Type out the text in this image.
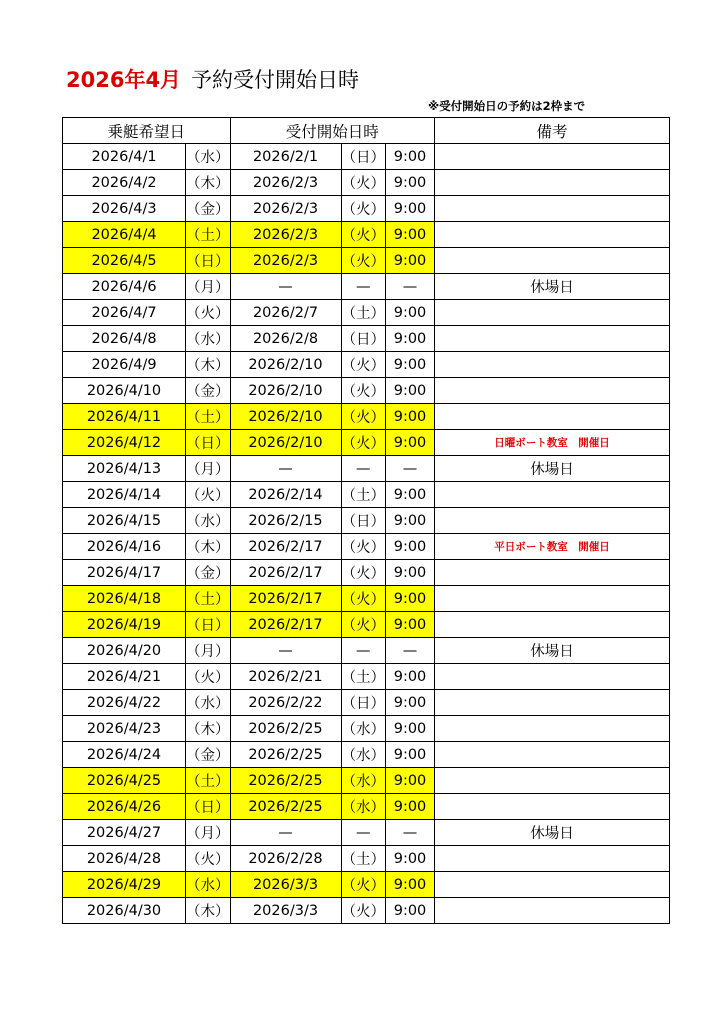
2026年4月 予約受付開始日時
※受付開始日の予約は2枠まで
乗艇希望日		受付開始日時			備考
2026/4/1	（水）	2026/2/1	（日）	9:00	
2026/4/2	（木）	2026/2/3	（火）	9:00	
2026/4/3	（金）	2026/2/3	（火）	9:00	
2026/4/4	（土）	2026/2/3	（火）	9:00	
2026/4/5	（日）	2026/2/3	（火）	9:00	
2026/4/6	（月）	—	—	—	休場日
2026/4/7	（火）	2026/2/7	（土）	9:00	
2026/4/8	（水）	2026/2/8	（日）	9:00	
2026/4/9	（木）	2026/2/10	（火）	9:00	
2026/4/10	（金）	2026/2/10	（火）	9:00	
2026/4/11	（土）	2026/2/10	（火）	9:00	
2026/4/12	（日）	2026/2/10	（火）	9:00	日曜ボート教室　開催日
2026/4/13	（月）	—	—	—	休場日
2026/4/14	（火）	2026/2/14	（土）	9:00	
2026/4/15	（水）	2026/2/15	（日）	9:00	
2026/4/16	（木）	2026/2/17	（火）	9:00	平日ボート教室　開催日
2026/4/17	（金）	2026/2/17	（火）	9:00	
2026/4/18	（土）	2026/2/17	（火）	9:00	
2026/4/19	（日）	2026/2/17	（火）	9:00	
2026/4/20	（月）	—	—	—	休場日
2026/4/21	（火）	2026/2/21	（土）	9:00	
2026/4/22	（水）	2026/2/22	（日）	9:00	
2026/4/23	（木）	2026/2/25	（水）	9:00	
2026/4/24	（金）	2026/2/25	（水）	9:00	
2026/4/25	（土）	2026/2/25	（水）	9:00	
2026/4/26	（日）	2026/2/25	（水）	9:00	
2026/4/27	（月）	—	—	—	休場日
2026/4/28	（火）	2026/2/28	（土）	9:00	
2026/4/29	（水）	2026/3/3	（火）	9:00	
2026/4/30	（木）	2026/3/3	（火）	9:00	
